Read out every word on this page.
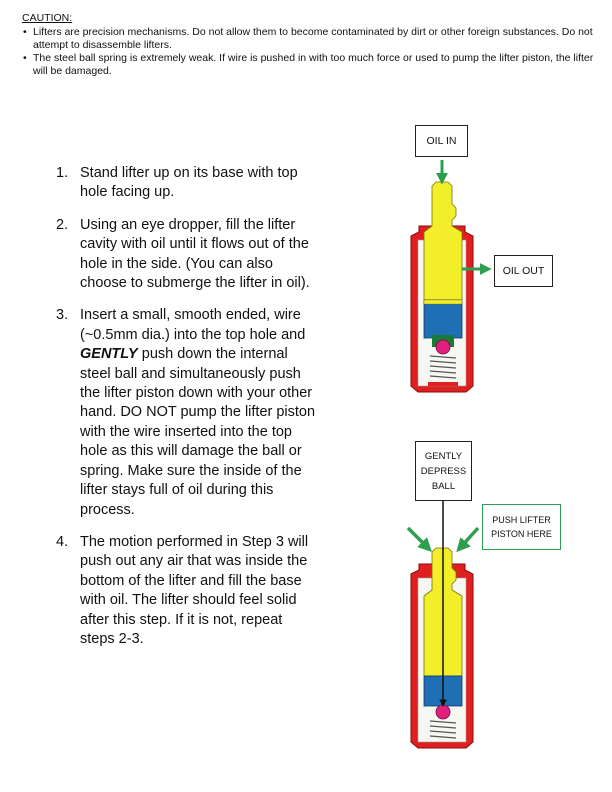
CAUTION:
• Lifters are precision mechanisms. Do not allow them to become contaminated by dirt or other foreign substances. Do not attempt to disassemble lifters.
• The steel ball spring is extremely weak. If wire is pushed in with too much force or used to pump the lifter piston, the lifter will be damaged.
1. Stand lifter up on its base with top hole facing up.
2. Using an eye dropper, fill the lifter cavity with oil until it flows out of the hole in the side. (You can also choose to submerge the lifter in oil).
3. Insert a small, smooth ended, wire (~0.5mm dia.) into the top hole and GENTLY push down the internal steel ball and simultaneously push the lifter piston down with your other hand. DO NOT pump the lifter piston with the wire inserted into the top hole as this will damage the ball or spring. Make sure the inside of the lifter stays full of oil during this process.
4. The motion performed in Step 3 will push out any air that was inside the bottom of the lifter and fill the base with oil. The lifter should feel solid after this step. If it is not, repeat steps 2-3.
OIL IN
OIL OUT
GENTLY
DEPRESS
BALL
PUSH LIFTER
PISTON HERE
